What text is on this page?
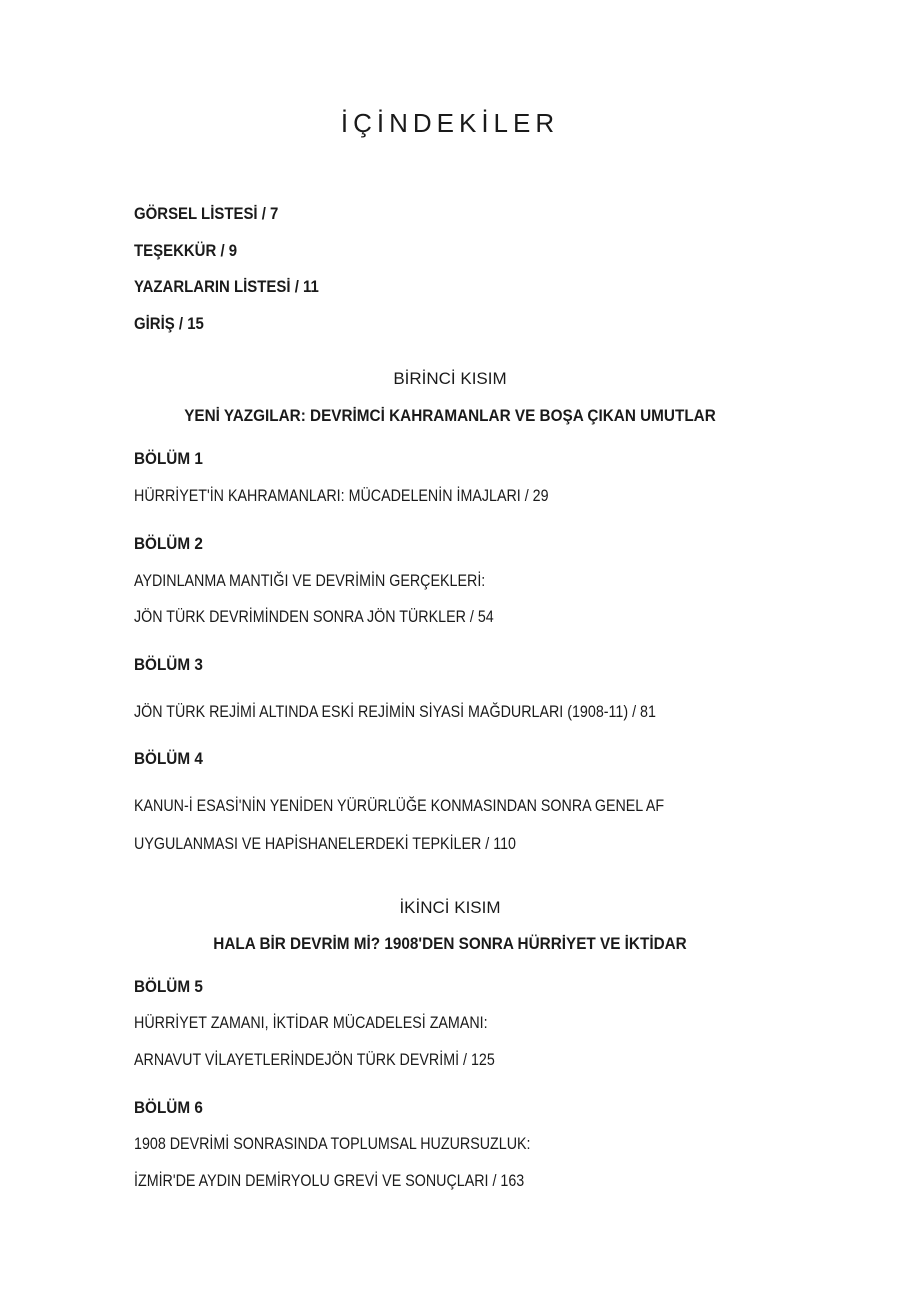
İÇİNDEKİLER
GÖRSEL LİSTESİ / 7
TEŞEKKÜR / 9
YAZARLARIN LİSTESİ / 11
GİRİŞ / 15
BİRİNCİ KISIM
YENİ YAZGILAR: DEVRİMCİ KAHRAMANLAR VE BOŞA ÇIKAN UMUTLAR
BÖLÜM 1
HÜRRİYET'İN KAHRAMANLARI: MÜCADELENİN İMAJLARI / 29
BÖLÜM 2
AYDINLANMA MANTIĞI VE DEVRİMİN GERÇEKLERİ:
JÖN TÜRK DEVRİMİNDEN SONRA JÖN TÜRKLER / 54
BÖLÜM 3
JÖN TÜRK REJİMİ ALTINDA ESKİ REJİMİN SİYASİ MAĞDURLARI (1908-11) / 81
BÖLÜM 4
KANUN-İ ESASİ'NİN YENİDEN YÜRÜRLÜĞE KONMASINDAN SONRA GENEL AF
UYGULANMASI VE HAPİSHANELERDEKİ TEPKİLER / 110
İKİNCİ KISIM
HALA BİR DEVRİM Mİ? 1908'DEN SONRA HÜRRİYET VE İKTİDAR
BÖLÜM 5
HÜRRİYET ZAMANI, İKTİDAR MÜCADELESİ ZAMANI:
ARNAVUT VİLAYETLERİNDEJÖN TÜRK DEVRİMİ / 125
BÖLÜM 6
1908 DEVRİMİ SONRASINDA TOPLUMSAL HUZURSUZLUK:
İZMİR'DE AYDIN DEMİRYOLU GREVİ VE SONUÇLARI / 163
